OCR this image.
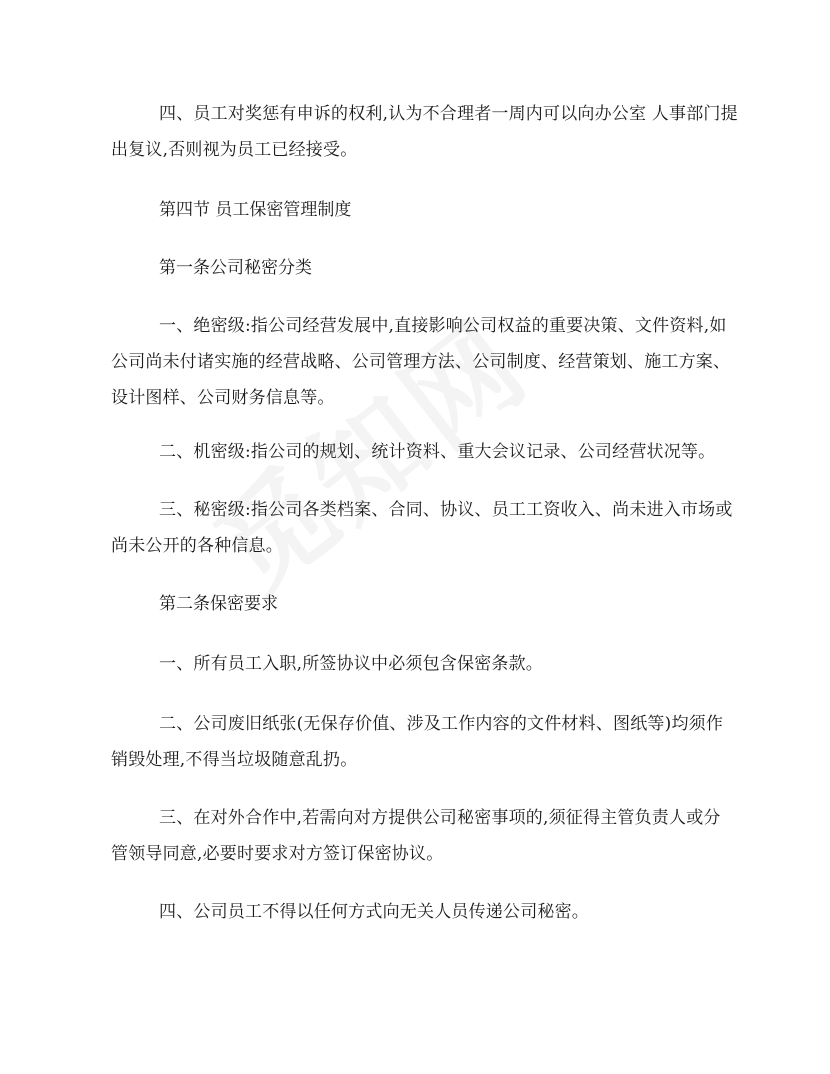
四、员工对奖惩有申诉的权利,认为不合理者一周内可以向办公室 人事部门提
出复议,否则视为员工已经接受。
第四节 员工保密管理制度
第一条公司秘密分类
一、绝密级:指公司经营发展中,直接影响公司权益的重要决策、文件资料,如
公司尚未付诸实施的经营战略、公司管理方法、公司制度、经营策划、施工方案、
设计图样、公司财务信息等。
二、机密级:指公司的规划、统计资料、重大会议记录、公司经营状况等。
三、秘密级:指公司各类档案、合同、协议、员工工资收入、尚未进入市场或
尚未公开的各种信息。
第二条保密要求
一、所有员工入职,所签协议中必须包含保密条款。
二、公司废旧纸张(无保存价值、涉及工作内容的文件材料、图纸等)均须作
销毁处理,不得当垃圾随意乱扔。
三、在对外合作中,若需向对方提供公司秘密事项的,须征得主管负责人或分
管领导同意,必要时要求对方签订保密协议。
四、公司员工不得以任何方式向无关人员传递公司秘密。
